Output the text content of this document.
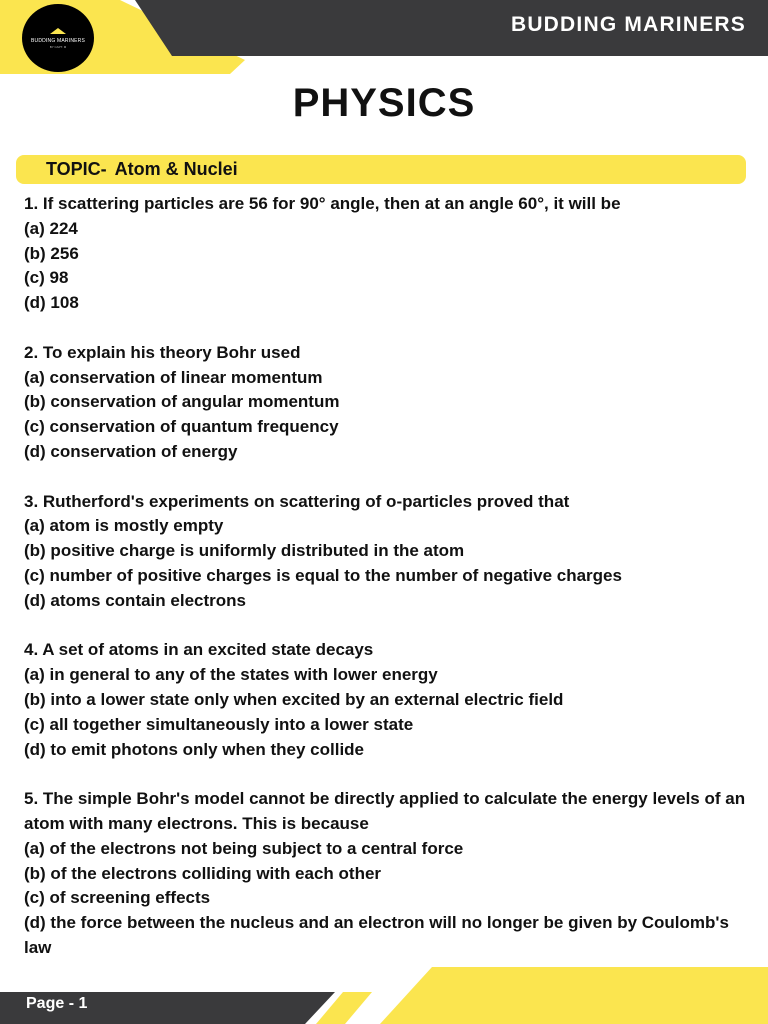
BUDDING MARINERS
BY CAPT. M
BUDDING MARINERS
PHYSICS
TOPIC- Atom & Nuclei
1. If scattering particles are 56 for 90° angle, then at an angle 60°, it will be
(a) 224
(b) 256
(c) 98
(d) 108
2. To explain his theory Bohr used
(a) conservation of linear momentum
(b) conservation of angular momentum
(c) conservation of quantum frequency
(d) conservation of energy
3. Rutherford's experiments on scattering of o-particles proved that
(a) atom is mostly empty
(b) positive charge is uniformly distributed in the atom
(c) number of positive charges is equal to the number of negative charges
(d) atoms contain electrons
4. A set of atoms in an excited state decays
(a) in general to any of the states with lower energy
(b) into a lower state only when excited by an external electric field
(c) all together simultaneously into a lower state
(d) to emit photons only when they collide
5. The simple Bohr's model cannot be directly applied to calculate the energy levels of an atom with many electrons. This is because
(a) of the electrons not being subject to a central force
(b) of the electrons colliding with each other
(c) of screening effects
(d) the force between the nucleus and an electron will no longer be given by Coulomb's law
Page - 1
